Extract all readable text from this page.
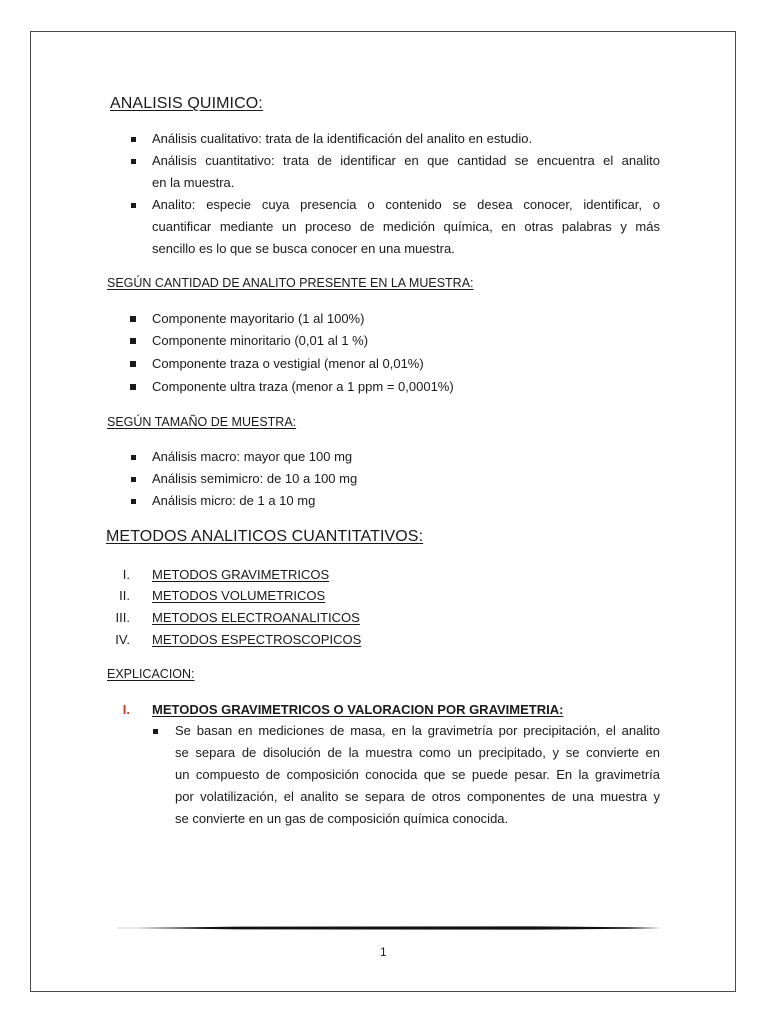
ANALISIS QUIMICO:
Análisis cualitativo: trata de la identificación del analito en estudio.
Análisis cuantitativo: trata de identificar en que cantidad se encuentra el analito
en la muestra.
Analito: especie cuya presencia o contenido se desea conocer, identificar, o
cuantificar mediante un proceso de medición química, en otras palabras y más
sencillo es lo que se busca conocer en una muestra.
SEGÚN CANTIDAD DE ANALITO PRESENTE EN LA MUESTRA:
Componente mayoritario (1 al 100%)
Componente minoritario (0,01 al 1 %)
Componente traza o vestigial (menor al 0,01%)
Componente ultra traza (menor a 1 ppm = 0,0001%)
SEGÚN TAMAÑO DE MUESTRA:
Análisis macro: mayor que 100 mg
Análisis semimicro: de 10 a 100 mg
Análisis micro: de 1 a 10 mg
METODOS ANALITICOS CUANTITATIVOS:
I. METODOS GRAVIMETRICOS
II. METODOS VOLUMETRICOS
III. METODOS ELECTROANALITICOS
IV. METODOS ESPECTROSCOPICOS
EXPLICACION:
I. METODOS GRAVIMETRICOS O VALORACION POR GRAVIMETRIA:
Se basan en mediciones de masa, en la gravimetría por precipitación, el analito
se separa de disolución de la muestra como un precipitado, y se convierte en
un compuesto de composición conocida que se puede pesar. En la gravimetría
por volatilización, el analito se separa de otros componentes de una muestra y
se convierte en un gas de composición química conocida.
1
